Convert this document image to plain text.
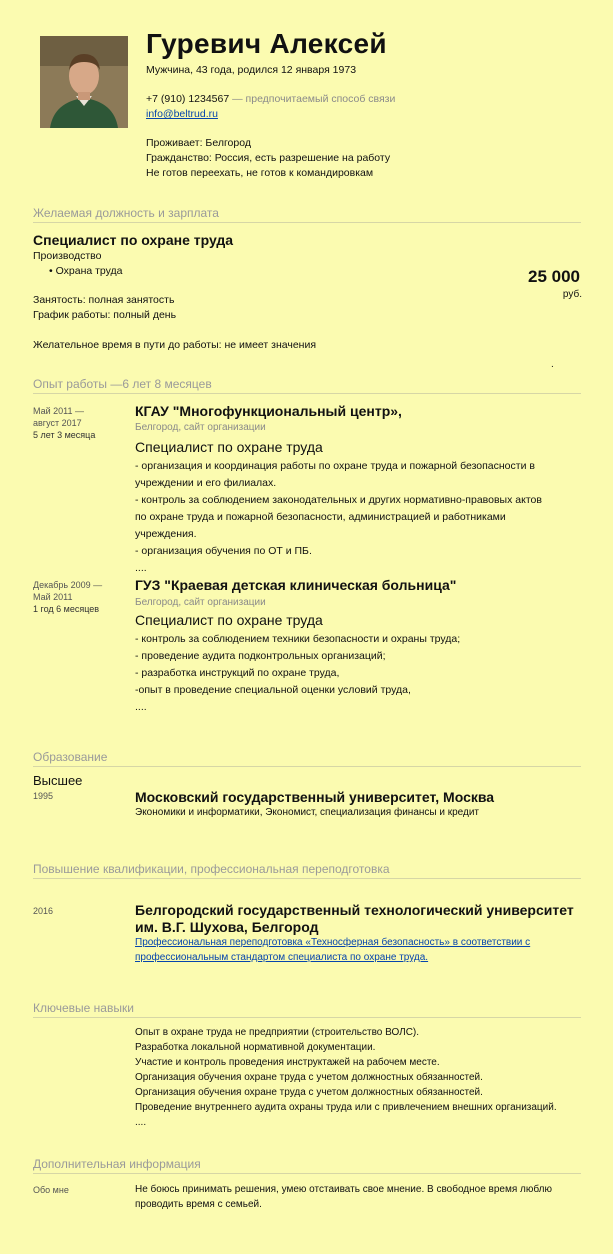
Гуревич Алексей
Мужчина, 43 года, родился 12 января 1973
+7 (910) 1234567 — предпочитаемый способ связи
info@beltrud.ru
Проживает: Белгород
Гражданство: Россия, есть разрешение на работу
Не готов переехать, не готов к командировкам
Желаемая должность и зарплата
Специалист по охране труда
Производство
• Охрана труда	25 000
руб.
Занятость: полная занятость
График работы: полный день
Желательное время в пути до работы: не имеет значения
.
Опыт работы —6 лет 8 месяцев
Май 2011 —
август 2017
5 лет 3 месяца
КГАУ "Многофункциональный центр»,
Белгород, сайт организации
Специалист по охране труда
- организация и координация работы по охране труда и пожарной безопасности в учреждении и его филиалах.
- контроль за соблюдением законодательных и других нормативно-правовых актов по охране труда и пожарной безопасности, администрацией и работниками учреждения.
- организация обучения по ОТ и ПБ.
....
Декабрь 2009 —
Май 2011
1 год 6 месяцев
ГУЗ "Краевая детская клиническая больница"
Белгород, сайт организации
Специалист по охране труда
- контроль за соблюдением техники безопасности и охраны труда;
- проведение аудита подконтрольных организаций;
- разработка инструкций по охране труда,
-опыт в проведение специальной оценки условий труда,
....
Образование
Высшее
1995	Московский государственный университет, Москва
Экономики и информатики, Экономист, специализация финансы и кредит
Повышение квалификации, профессиональная переподготовка
2016	Белгородский государственный технологический университет
им. В.Г. Шухова, Белгород
Профессиональная переподготовка «Техносферная безопасность» в соответствии с
профессиональным стандартом специалиста по охране труда.
Ключевые навыки
Опыт в охране труда не предприятии (строительство ВОЛС).
Разработка локальной нормативной документации.
Участие и контроль проведения инструктажей на рабочем месте.
Организация обучения охране труда с учетом должностных обязанностей.
Организация обучения охране труда с учетом должностных обязанностей.
Проведение внутреннего аудита охраны труда или с привлечением внешних организаций.
....
Дополнительная информация
Обо мне	Не боюсь принимать решения, умею отстаивать свое мнение. В свободное время люблю
проводить время с семьей.
